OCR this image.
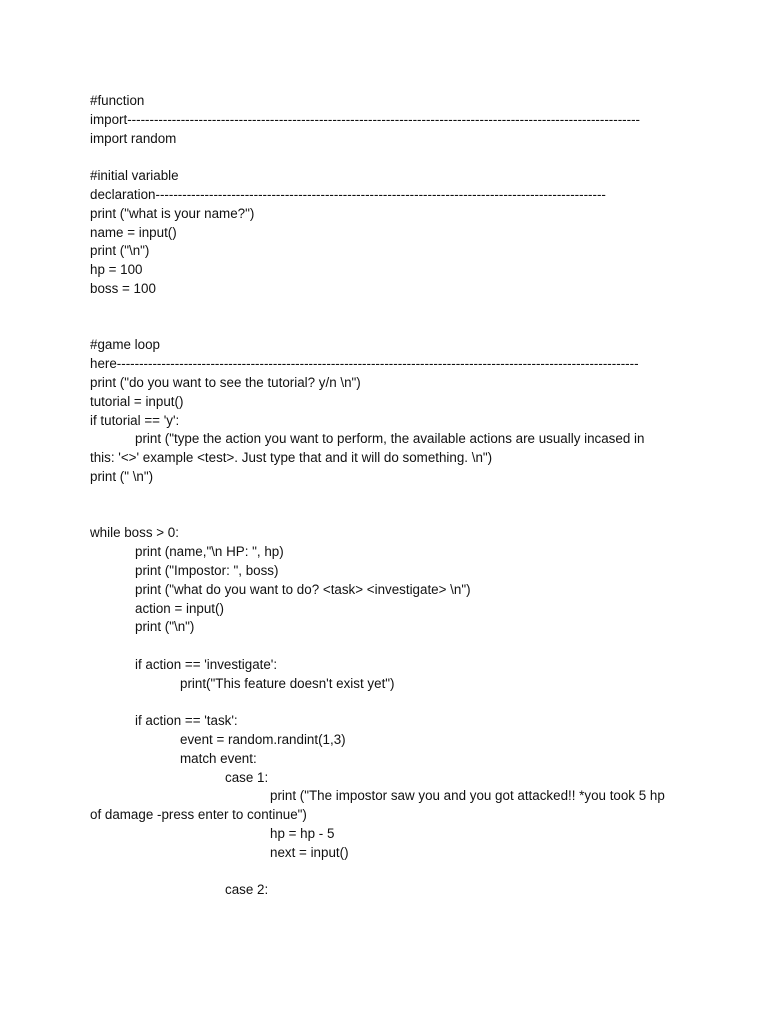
#function
import-------------------------------------------------------------------------------------------------------------------
import random
#initial variable
declaration-----------------------------------------------------------------------------------------------------
print ("what is your name?")
name = input()
print ("\n")
hp = 100
boss = 100
#game loop
here---------------------------------------------------------------------------------------------------------------------
print ("do you want to see the tutorial? y/n \n")
tutorial = input()
if tutorial == 'y':
		print ("type the action you want to perform, the available actions are usually incased in this: '<>' example <test>. Just type that and it will do something. \n")
print (" \n")
while boss > 0:
		print (name,"\n HP: ", hp)
		print ("Impostor: ", boss)
		print ("what do you want to do? <task> <investigate> \n")
		action = input()
		print ("\n")
		if action == 'investigate':
				print("This feature doesn't exist yet")
		if action == 'task':
				event = random.randint(1,3)
				match event:
						case 1:
								print ("The impostor saw you and you got attacked!! *you took 5 hp of damage -press enter to continue")
								hp = hp - 5
								next = input()
						case 2:
